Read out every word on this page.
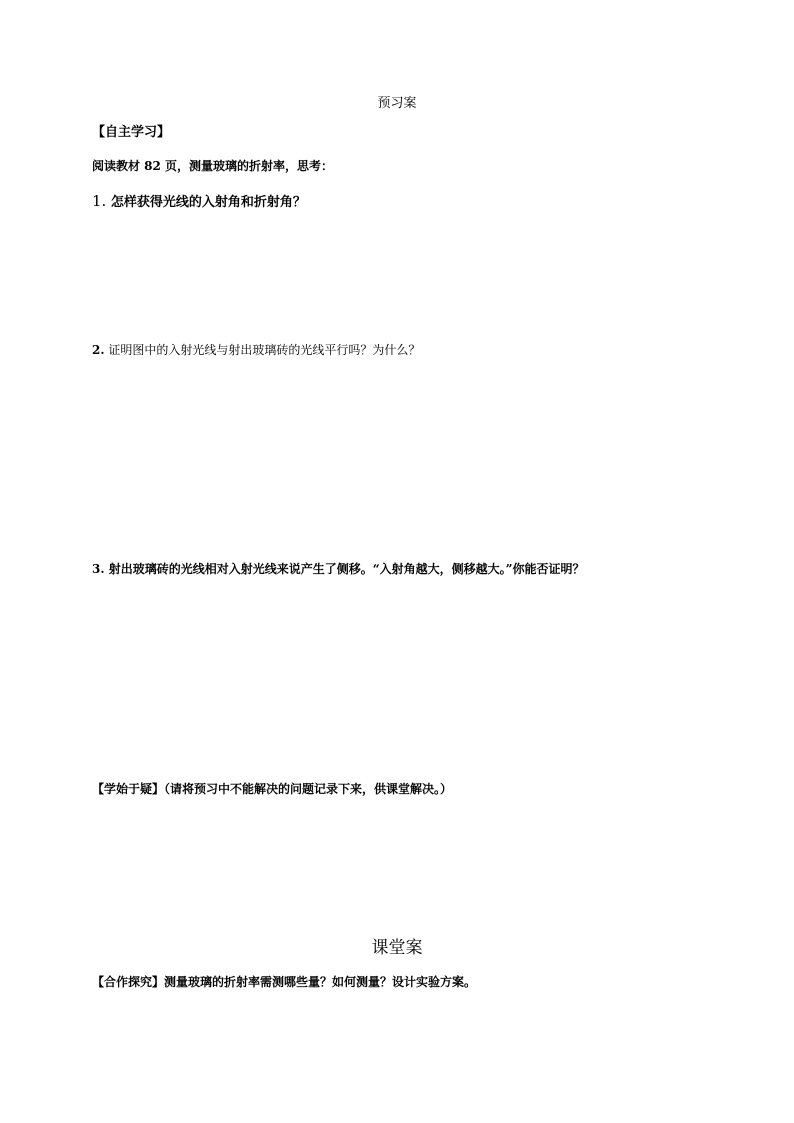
预习案
【自主学习】
阅读教材 82 页，测量玻璃的折射率，思考：
1. 怎样获得光线的入射角和折射角？
2. 证明图中的入射光线与射出玻璃砖的光线平行吗？为什么？
3. 射出玻璃砖的光线相对入射光线来说产生了侧移。“入射角越大，侧移越大。”你能否证明？
【学始于疑】（请将预习中不能解决的问题记录下来，供课堂解决。）
课堂案
【合作探究】测量玻璃的折射率需测哪些量？如何测量？设计实验方案。
